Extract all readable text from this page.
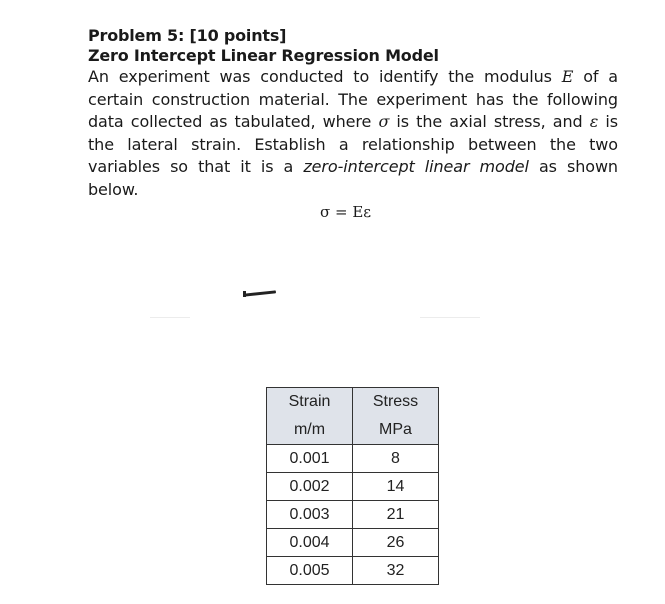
Problem 5: [10 points]

Zero Intercept Linear Regression Model

An experiment was conducted to identify the modulus E of a certain construction material. The experiment has the following data collected as tabulated, where σ is the axial stress, and ε is the lateral strain. Establish a relationship between the two variables so that it is a zero-intercept linear model as shown below.

σ = Eε
Strain	Stress
m/m	MPa
0.001	8
0.002	14
0.003	21
0.004	26
0.005	32
